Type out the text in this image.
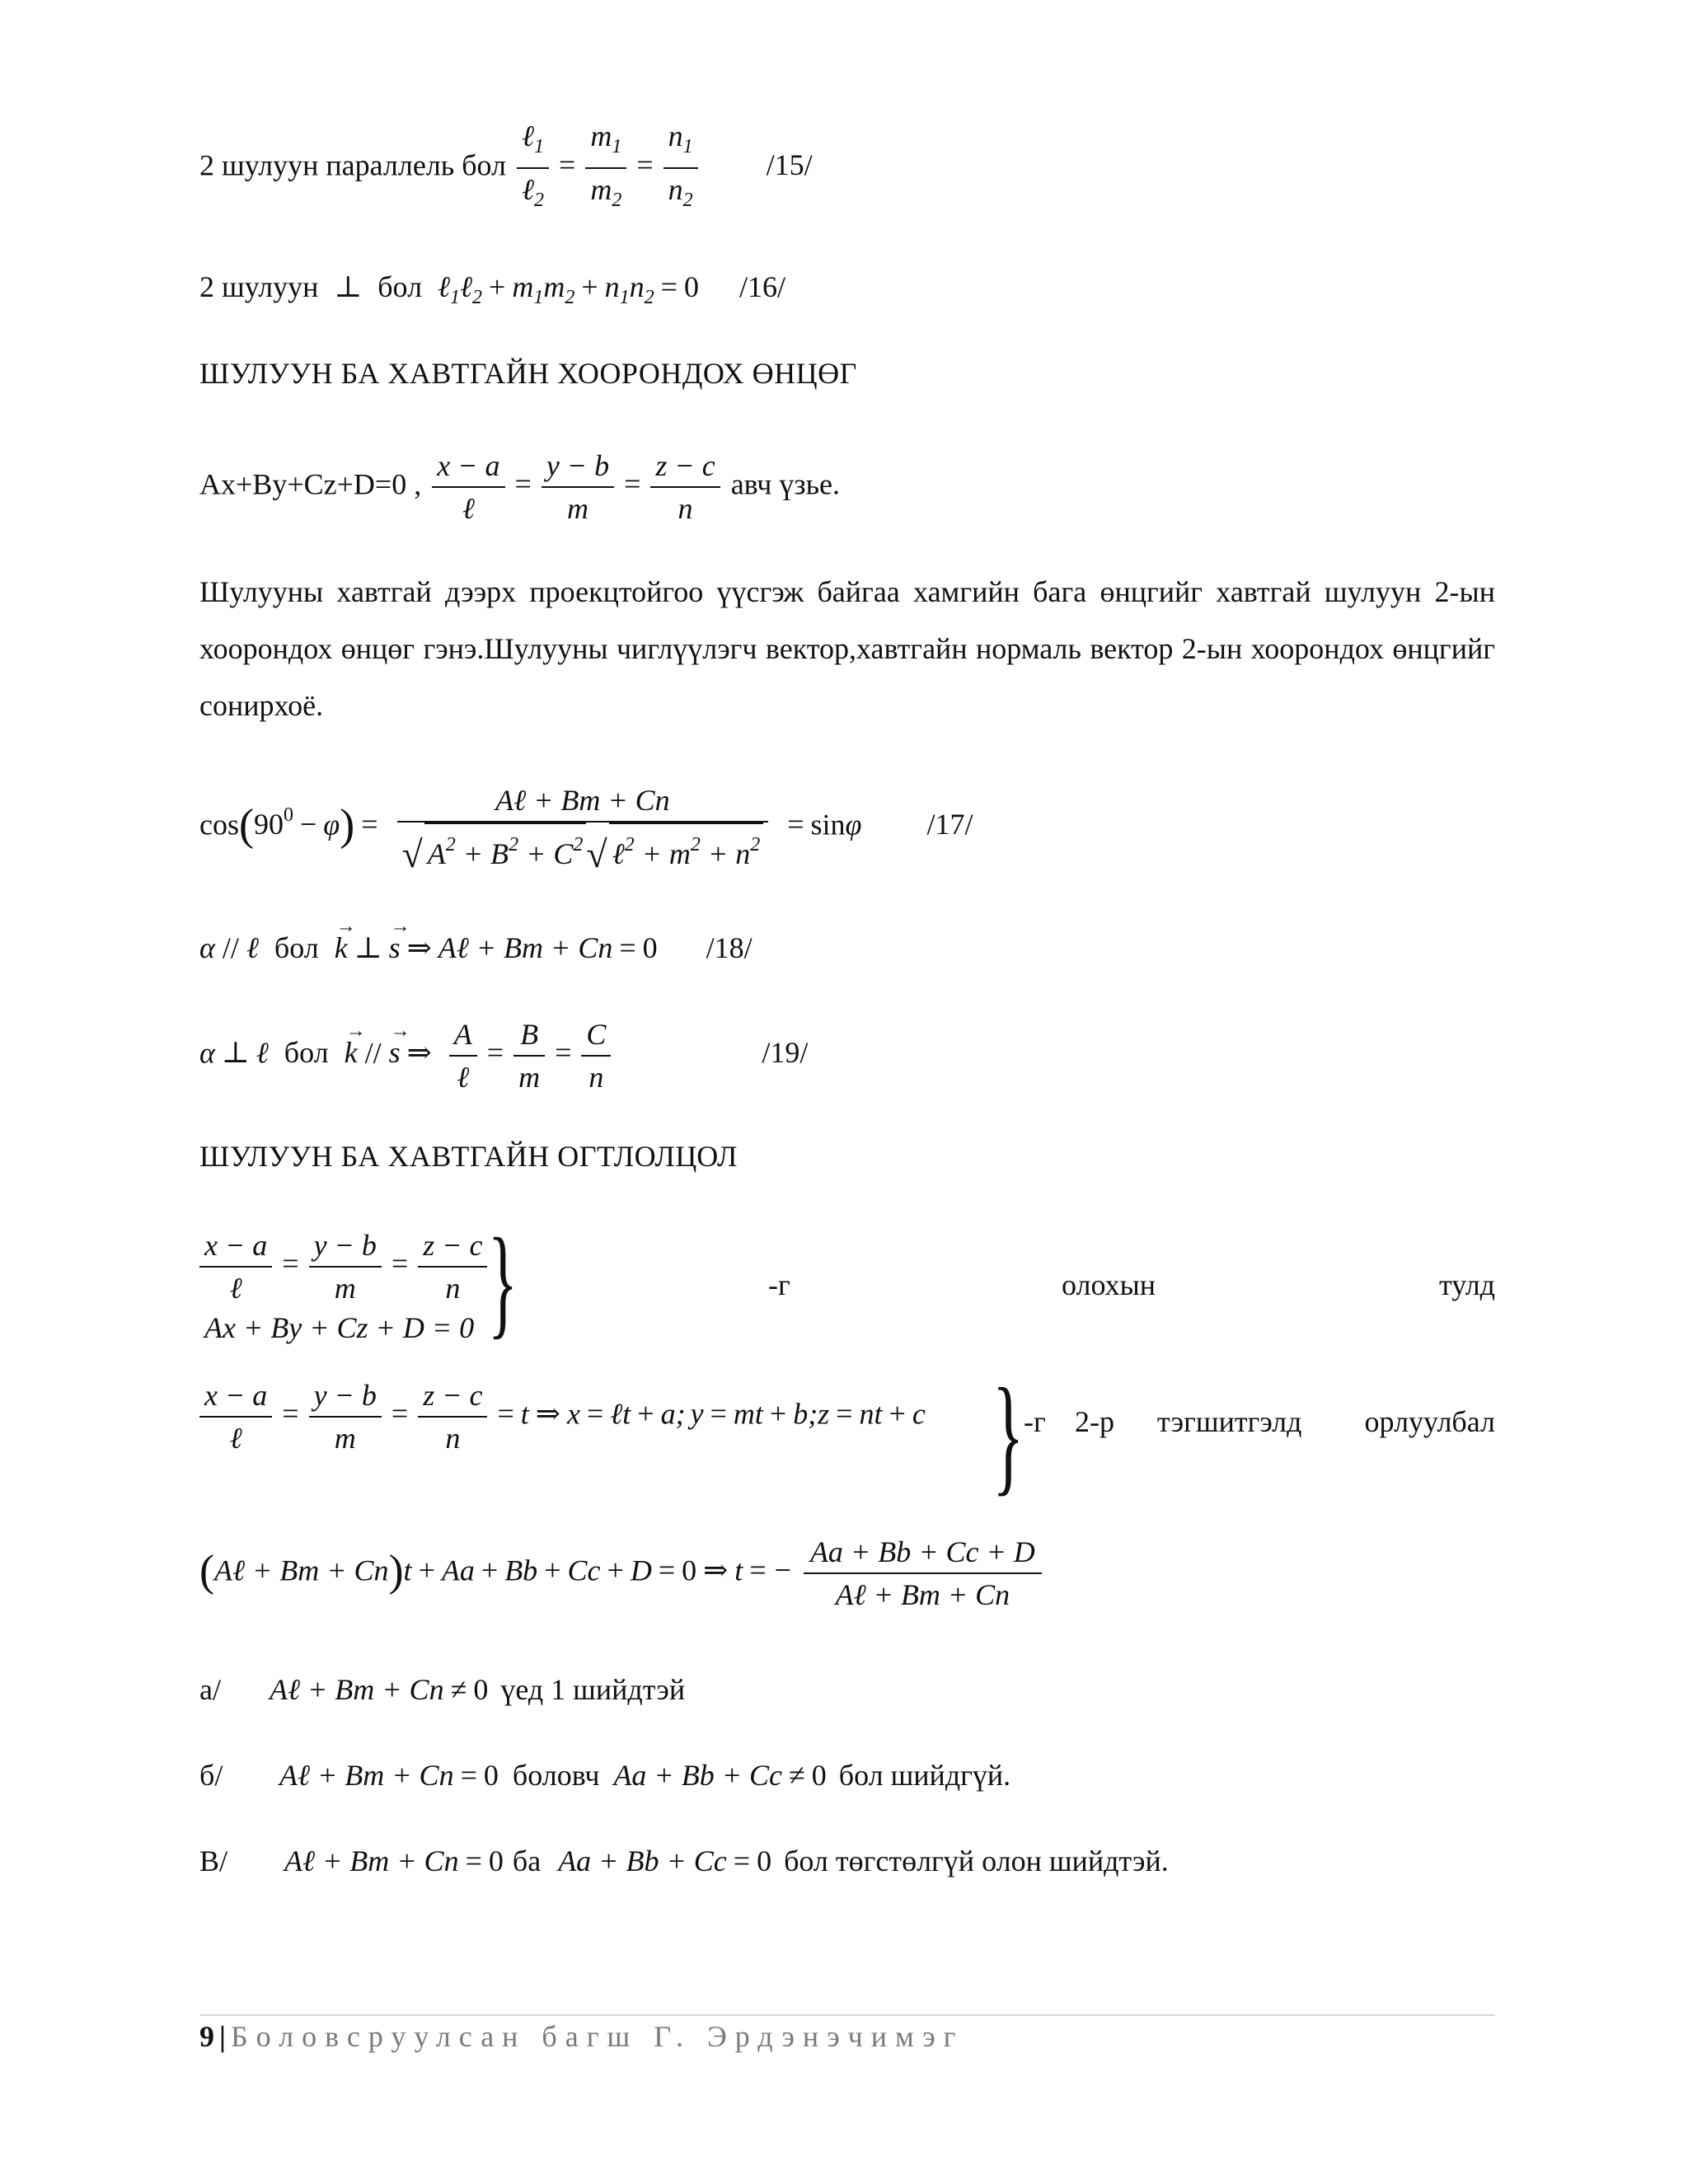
2 шулуун параллель бол $\frac{\ell_1}{\ell_2} = \frac{m_1}{m_2} = \frac{n_1}{n_2} /15/$
2 шулуун ⊥ бол ℓ$_1$ℓ$_2$ + $m_1m_2 + n_1n_2 = 0$ /16/
ШУЛУУН БА ХАВТГАЙН ХООРОНДОХ ӨНЦӨГ
Ax+By+Cz+D=0 , $\frac{x - a}{\text{ℓ}} = \frac{y - b}{m} = \frac{z - c}{n}$ авч үзье.
Шулууны хавтгай дээрх проекцтойгоо үүсгэж байгаа хамгийн бага өнцгийг хавтгай шулуун 2-ын хоорондох өнцөг гэнэ.Шулууны чиглүүлэгч вектор,хавтгайн нормаль вектор 2-ын хоорондох өнцгийг сонирхоё.
$\cos(90^0 - \varphi) = \frac{\text{Aℓ + Bm + Cn}}{√ A^2 + B^2 + C^2√ \ell^2 + m^2 + n^2} = \sin\varphi$ /17/
α // ℓ бол → k ⊥ → s ⇒ Aℓ + Bm + Cn = 0 /18/
α ⊥ ℓ бол → k // → s ⇒ $\frac{A}{\text{ℓ}} = \frac{B}{m} = \frac{C}{n}$	/19/
ШУЛУУН БА ХАВТГАЙН ОГТЛОЛЦОЛ
$\frac{x - a}{\text{ℓ}} = \frac{y - b}{m} = \frac{z - c}{n}$
Ax + By + Cz + D = 0 }	-г	олохын	тулд
$\frac{x - a}{\text{ℓ}} = \frac{y - b}{m} = \frac{z - c}{n} = t$ ⇒ x = ℓt + a; y = mt + b;z = nt + c } -г 2-р тэгшитгэлд орлуулбал
(Aℓ + Bm + Cn)t + Aa + Bb + Cc + D = 0 ⇒ t = − $\frac{Aa + Bb + Cc + D}{\text{Aℓ + Bm + Cn}}$
а/ Aℓ + Bm + Cn ≠ 0 үед 1 шийдтэй
б/ Aℓ + Bm + Cn = 0 боловч Aa + Bb + Cc ≠ 0 бол шийдгүй.
В/ Aℓ + Bm + Cn = 0 ба Aa + Bb + Cc = 0 бол төгстөлгүй олон шийдтэй.
9 | Боловсруулсан багш Г. Эрдэнэчимэг
